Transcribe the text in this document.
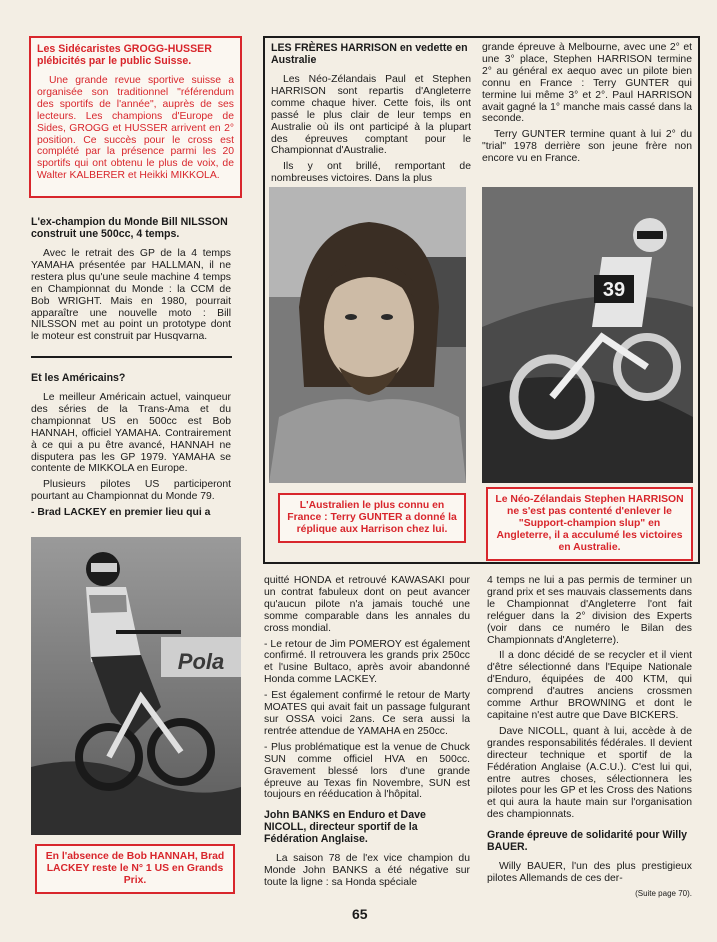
Les Sidécaristes GROGG-HUSSER plébicités par le public Suisse.

Une grande revue sportive suisse a organisée son traditionnel "référendum des sportifs de l'année", auprès de ses lecteurs. Les champions d'Europe de Sides, GROGG et HUSSER arrivent en 2° position. Ce succès pour le cross est complété par la présence parmi les 20 sportifs qui ont obtenu le plus de voix, de Walter KALBERER et Heikki MIKKOLA.

L'ex-champion du Monde Bill NILSSON construit une 500cc, 4 temps.

Avec le retrait des GP de la 4 temps YAMAHA présentée par HALLMAN, il ne restera plus qu'une seule machine 4 temps en Championnat du Monde : la CCM de Bob WRIGHT. Mais en 1980, pourrait apparaître une nouvelle moto : Bill NILSSON met au point un prototype dont le moteur est construit par Husqvarna.

Et les Américains?

Le meilleur Américain actuel, vainqueur des séries de la Trans-Ama et du championnat US en 500cc est Bob HANNAH, officiel YAMAHA. Contrairement à ce qui a pu être avancé, HANNAH ne disputera pas les GP 1979. YAMAHA se contente de MIKKOLA en Europe.

Plusieurs pilotes US participeront pourtant au Championnat du Monde 79.

- Brad LACKEY en premier lieu qui a

Pola
En l'absence de Bob HANNAH, Brad LACKEY reste le N° 1 US en Grands Prix.
LES FRÈRES HARRISON en vedette en Australie

Les Néo-Zélandais Paul et Stephen HARRISON sont repartis d'Angleterre comme chaque hiver. Cette fois, ils ont passé le plus clair de leur temps en Australie où ils ont participé à la plupart des épreuves comptant pour le Championnat d'Australie.

Ils y ont brillé, remportant de nombreuses victoires. Dans la plus

grande épreuve à Melbourne, avec une 2° et une 3° place, Stephen HARRISON termine 2° au général ex aequo avec un pilote bien connu en France : Terry GUNTER qui termine lui même 3° et 2°. Paul HARRISON avait gagné la 1° manche mais cassé dans la seconde.

Terry GUNTER termine quant à lui 2° du "trial" 1978 derrière son jeune frère non encore vu en France.

39
L'Australien le plus connu en France : Terry GUNTER a donné la réplique aux Harrison chez lui.
Le Néo-Zélandais Stephen HARRISON ne s'est pas contenté d'enlever le "Support-champion slup" en Angleterre, il a acculumé les victoires en Australie.

quitté HONDA et retrouvé KAWASAKI pour un contrat fabuleux dont on peut avancer qu'aucun pilote n'a jamais touché une somme comparable dans les annales du cross mondial.

- Le retour de Jim POMEROY est également confirmé. Il retrouvera les grands prix 250cc et l'usine Bultaco, après avoir abandonné Honda comme LACKEY.

- Est également confirmé le retour de Marty MOATES qui avait fait un passage fulgurant sur OSSA voici 2ans. Ce sera aussi la rentrée attendue de YAMAHA en 250cc.

- Plus problématique est la venue de Chuck SUN comme officiel HVA en 500cc. Gravement blessé lors d'une grande épreuve au Texas fin Novembre, SUN est toujours en rééducation à l'hôpital.

John BANKS en Enduro et Dave NICOLL, directeur sportif de la Fédération Anglaise.

La saison 78 de l'ex vice champion du Monde John BANKS a été négative sur toute la ligne : sa Honda spéciale

4 temps ne lui a pas permis de terminer un grand prix et ses mauvais classements dans le Championnat d'Angleterre l'ont fait reléguer dans la 2° division des Experts (voir dans ce numéro le Bilan des Championnats d'Angleterre).

Il a donc décidé de se recycler et il vient d'être sélectionné dans l'Equipe Nationale d'Enduro, équipées de 400 KTM, qui comprend d'autres anciens crossmen comme Arthur BROWNING et dont le capitaine n'est autre que Dave BICKERS.

Dave NICOLL, quant à lui, accède à de grandes responsabilités fédérales. Il devient directeur technique et sportif de la Fédération Anglaise (A.C.U.). C'est lui qui, entre autres choses, sélectionnera les pilotes pour les GP et les Cross des Nations et qui aura la haute main sur l'organisation des championnats.

Grande épreuve de solidarité pour Willy BAUER.

Willy BAUER, l'un des plus prestigieux pilotes Allemands de ces der-

(Suite page 70).
65
